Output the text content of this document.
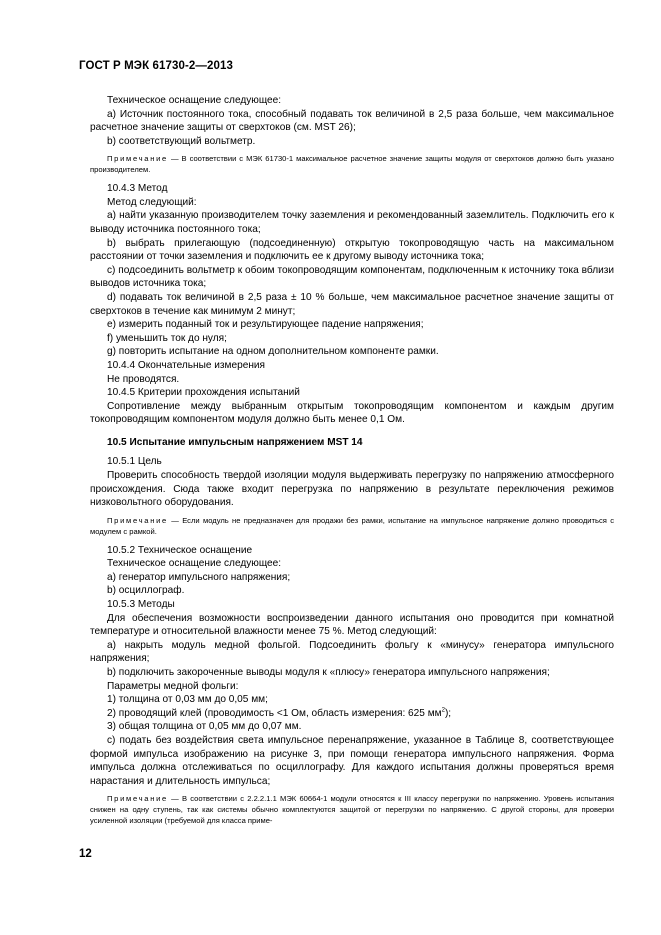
ГОСТ Р МЭК 61730-2—2013

Техническое оснащение следующее:

a) Источник постоянного тока, способный подавать ток величиной в 2,5 раза больше, чем максимальное расчетное значение защиты от сверхтоков (см. MST 26);

b) соответствующий вольтметр.

Примечание — В соответствии с МЭК 61730-1 максимальное расчетное значение защиты модуля от сверхтоков должно быть указано производителем.

10.4.3 Метод

Метод следующий:

a) найти указанную производителем точку заземления и рекомендованный заземлитель. Подключить его к выводу источника постоянного тока;

b) выбрать прилегающую (подсоединенную) открытую токопроводящую часть на максимальном расстоянии от точки заземления и подключить ее к другому выводу источника тока;

c) подсоединить вольтметр к обоим токопроводящим компонентам, подключенным к источнику тока вблизи выводов источника тока;

d) подавать ток величиной в 2,5 раза ± 10 % больше, чем максимальное расчетное значение защиты от сверхтоков в течение как минимум 2 минут;

e) измерить поданный ток и результирующее падение напряжения;

f) уменьшить ток до нуля;

g) повторить испытание на одном дополнительном компоненте рамки.

10.4.4 Окончательные измерения

Не проводятся.

10.4.5 Критерии прохождения испытаний

Сопротивление между выбранным открытым токопроводящим компонентом и каждым другим токопроводящим компонентом модуля должно быть менее 0,1 Ом.

10.5 Испытание импульсным напряжением MST 14

10.5.1 Цель

Проверить способность твердой изоляции модуля выдерживать перегрузку по напряжению атмосферного происхождения. Сюда также входит перегрузка по напряжению в результате переключения режимов низковольтного оборудования.

Примечание — Если модуль не предназначен для продажи без рамки, испытание на импульсное напряжение должно проводиться с модулем с рамкой.

10.5.2 Техническое оснащение

Техническое оснащение следующее:

a) генератор импульсного напряжения;

b) осциллограф.

10.5.3 Методы

Для обеспечения возможности воспроизведении данного испытания оно проводится при комнатной температуре и относительной влажности менее 75 %. Метод следующий:

a) накрыть модуль медной фольгой. Подсоединить фольгу к «минусу» генератора импульсного напряжения;

b) подключить закороченные выводы модуля к «плюсу» генератора импульсного напряжения;

Параметры медной фольги:

1) толщина от 0,03 мм до 0,05 мм;

2) проводящий клей (проводимость <1 Ом, область измерения: 625 $мм^2$);

3) общая толщина от 0,05 мм до 0,07 мм.

c) подать без воздействия света импульсное перенапряжение, указанное в Таблице 8, соответствующее формой импульса изображению на рисунке 3, при помощи генератора импульсного напряжения. Форма импульса должна отслеживаться по осциллографу. Для каждого испытания должны проверяться время нарастания и длительность импульса;

Примечание — В соответствии с 2.2.2.1.1 МЭК 60664-1 модули относятся к III классу перегрузки по напряжению. Уровень испытания снижен на одну ступень, так как системы обычно комплектуются защитой от перегрузки по напряжению. С другой стороны, для проверки усиленной изоляции (требуемой для класса приме-

12
